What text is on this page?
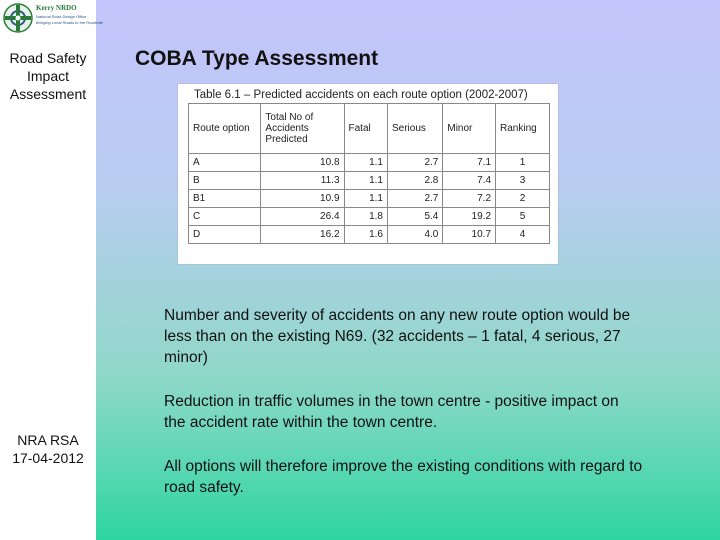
Kerry NRDO
National Road Design Office
Bringing Local Roads to the Roadside
Road Safety
Impact
Assessment
NRA RSA
17-04-2012
COBA Type Assessment
Table 6.1 – Predicted accidents on each route option (2002-2007)
Route option	Total No of Accidents Predicted	Fatal	Serious	Minor	Ranking
A	10.8	1.1	2.7	7.1	1
B	11.3	1.1	2.8	7.4	3
B1	10.9	1.1	2.7	7.2	2
C	26.4	1.8	5.4	19.2	5
D	16.2	1.6	4.0	10.7	4
Number and severity of accidents on any new route option would be less than on the existing N69. (32 accidents – 1 fatal, 4 serious, 27 minor)
Reduction in traffic volumes in the town centre - positive impact on the accident rate within the town centre.
All options will therefore improve the existing conditions with regard to road safety.
